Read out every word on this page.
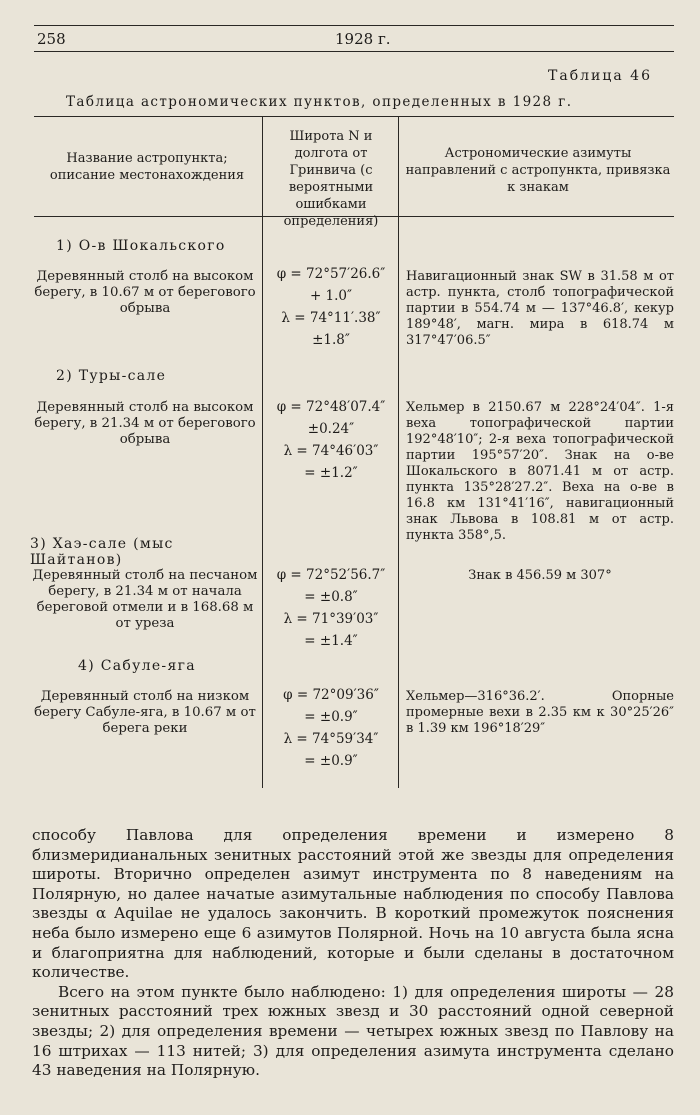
258	1928 г.
Таблица 46
Таблица астрономических пунктов, определенных в 1928 г.
Название астропункта; описание местонахождения
Широта N и долгота от Гринвича (с вероятными ошибками определения)
Астрономические азимуты направлений с астропункта, привязка к знакам
1) О-в Шокальского
Деревянный столб на высоком берегу, в 10.67 м от берегового обрыва
φ = 72°57′26.6″
+ 1.0″
λ = 74°11′.38″
±1.8″
Навигационный знак SW в 31.58 м от астр. пункта, столб топографической партии в 554.74 м — 137°46.8′, кекур 189°48′, магн. мира в 618.74 м 317°47′06.5″
2) Туры-сале
Деревянный столб на высоком берегу, в 21.34 м от берегового обрыва
φ = 72°48′07.4″
±0.24″
λ = 74°46′03″
= ±1.2″
Хельмер в 2150.67 м 228°24′04″. 1-я веха топографической партии 192°48′10″; 2-я веха топографической партии 195°57′20″. Знак на о-ве Шокальского в 8071.41 м от астр. пункта 135°28′27.2″. Веха на о-ве в 16.8 км 131°41′16″, навигационный знак Львова в 108.81 м от астр. пункта 358°,5.
3) Хаэ-сале (мыс Шайтанов)
Деревянный столб на песчаном берегу, в 21.34 м от начала береговой отмели и в 168.68 м от уреза
φ = 72°52′56.7″
= ±0.8″
λ = 71°39′03″
= ±1.4″
Знак в 456.59 м 307°
4) Сабуле-яга
Деревянный столб на низком берегу Сабуле-яга, в 10.67 м от берега реки
φ = 72°09′36″
= ±0.9″
λ = 74°59′34″
= ±0.9″
Хельмер—316°36.2′. Опорные промерные вехи в 2.35 км к 30°25′26″ в 1.39 км 196°18′29″

способу Павлова для определения времени и измерено 8 близмеридианальных зенитных расстояний этой же звезды для определения широты. Вторично определен азимут инструмента по 8 наведениям на Полярную, но далее начатые азимутальные наблюдения по способу Павлова звезды α Aquilae не удалось закончить. В короткий промежуток пояснения неба было измерено еще 6 азимутов Полярной. Ночь на 10 августа была ясна и благоприятна для наблюдений, которые и были сделаны в достаточном количестве.

Всего на этом пункте было наблюдено: 1) для определения широты — 28 зенитных расстояний трех южных звезд и 30 расстояний одной северной звезды; 2) для определения времени — четырех южных звезд по Павлову на 16 штрихах — 113 нитей; 3) для определения азимута инструмента сделано 43 наведения на Полярную.
